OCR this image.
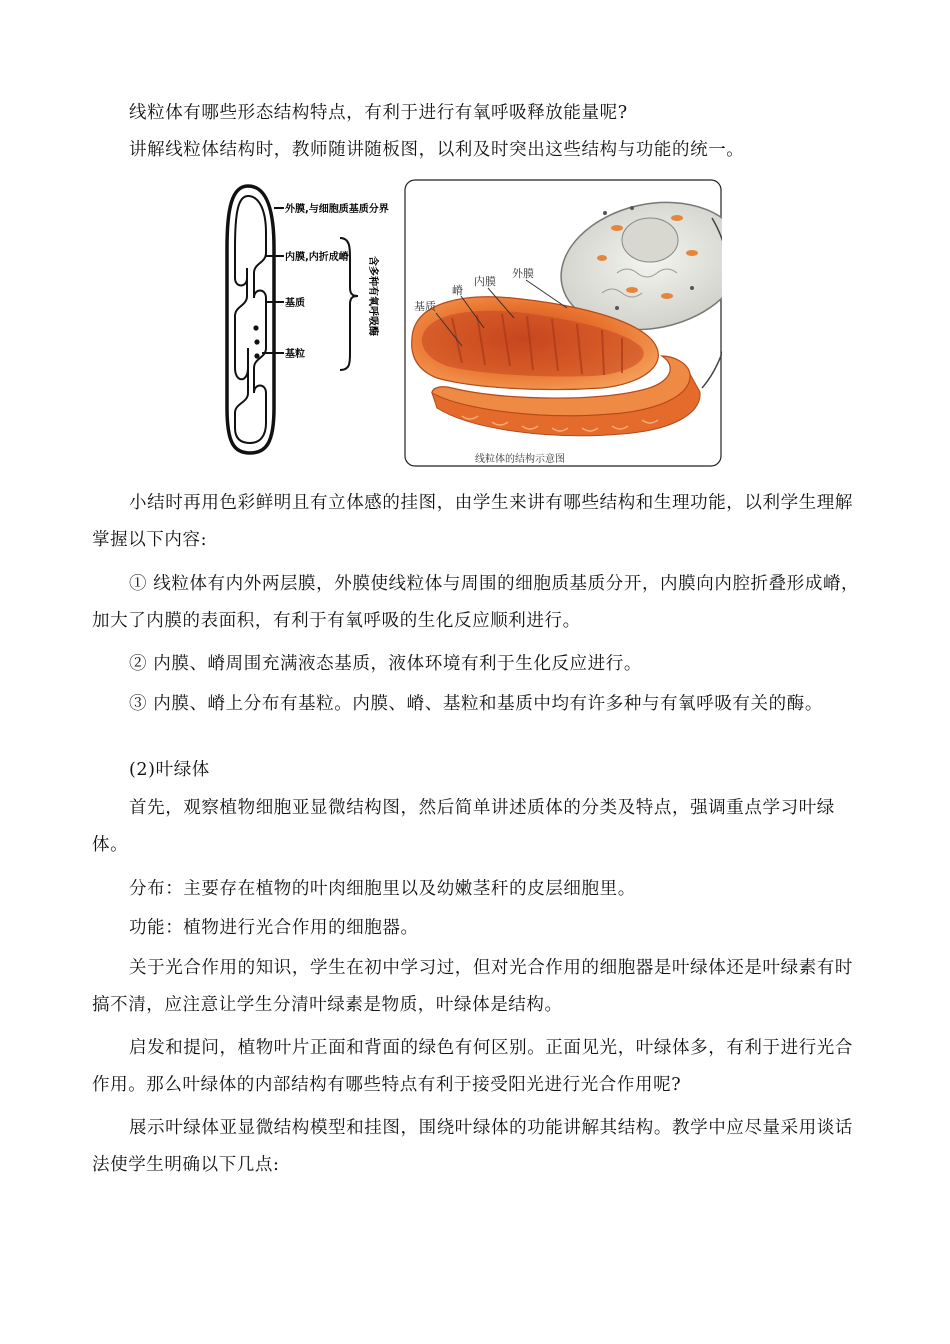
线粒体有哪些形态结构特点，有利于进行有氧呼吸释放能量呢?

讲解线粒体结构时，教师随讲随板图，以利及时突出这些结构与功能的统一。

外膜,与细胞质基质分界
内膜,内折成嵴
基质
基粒
含多种有氧呼吸酶	基质
嵴
内膜
外膜
线粒体的结构示意图

小结时再用色彩鲜明且有立体感的挂图，由学生来讲有哪些结构和生理功能，以利学生理解掌握以下内容:

① 线粒体有内外两层膜，外膜使线粒体与周围的细胞质基质分开，内膜向内腔折叠形成嵴，加大了内膜的表面积，有利于有氧呼吸的生化反应顺利进行。

② 内膜、嵴周围充满液态基质，液体环境有利于生化反应进行。

③ 内膜、嵴上分布有基粒。内膜、嵴、基粒和基质中均有许多种与有氧呼吸有关的酶。

(2)叶绿体

首先，观察植物细胞亚显微结构图，然后简单讲述质体的分类及特点，强调重点学习叶绿体。

分布：主要存在植物的叶肉细胞里以及幼嫩茎秆的皮层细胞里。

功能：植物进行光合作用的细胞器。

关于光合作用的知识，学生在初中学习过，但对光合作用的细胞器是叶绿体还是叶绿素有时搞不清，应注意让学生分清叶绿素是物质，叶绿体是结构。

启发和提问，植物叶片正面和背面的绿色有何区别。正面见光，叶绿体多，有利于进行光合作用。那么叶绿体的内部结构有哪些特点有利于接受阳光进行光合作用呢?

展示叶绿体亚显微结构模型和挂图，围绕叶绿体的功能讲解其结构。教学中应尽量采用谈话法使学生明确以下几点:
